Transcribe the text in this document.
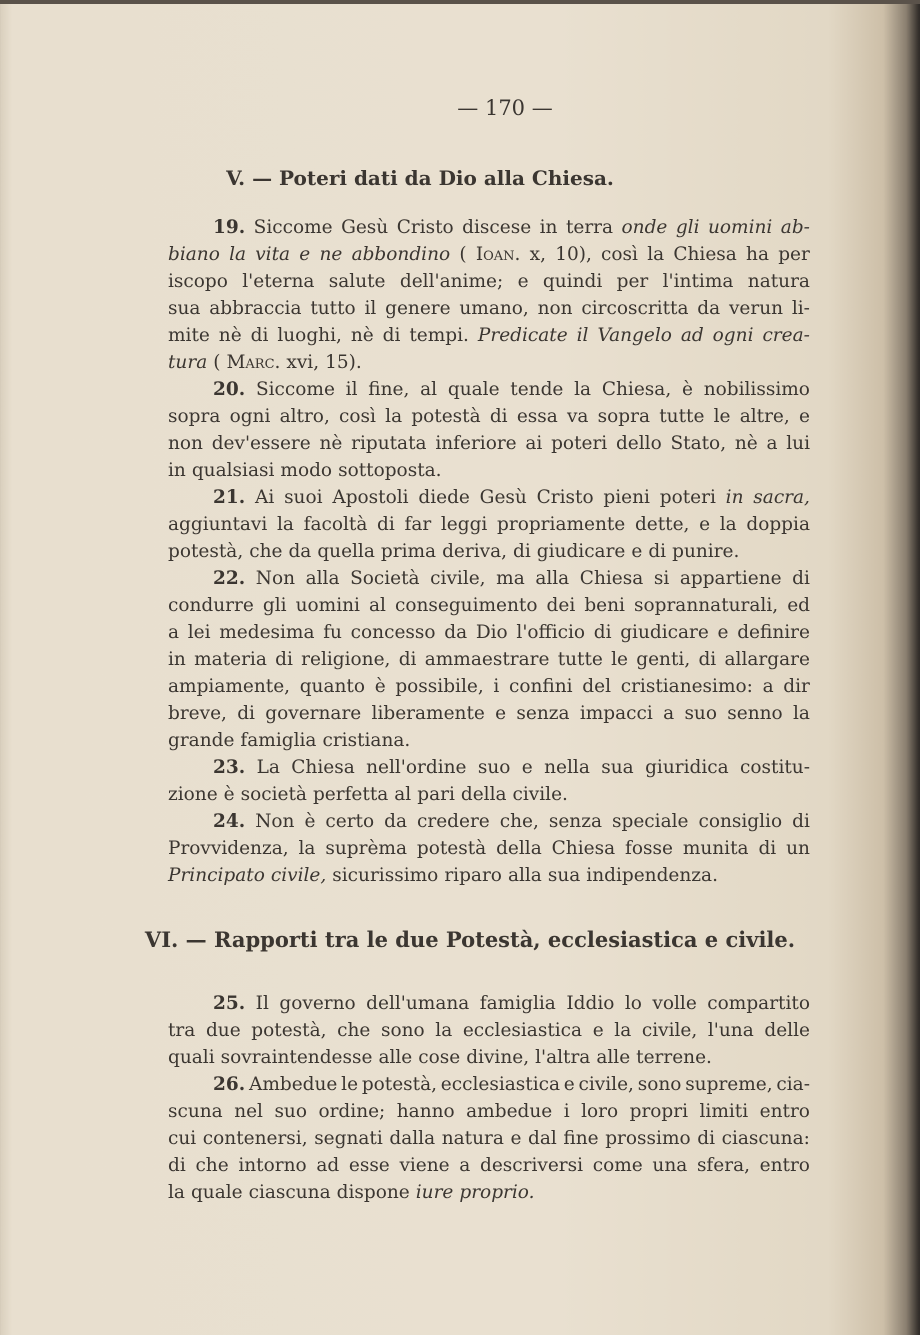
— 170 —
V. — Poteri dati da Dio alla Chiesa.
19. Siccome Gesù Cristo discese in terra onde gli uomini ab-
biano la vita e ne abbondino ( Ioan. x, 10), così la Chiesa ha per
iscopo l'eterna salute dell'anime; e quindi per l'intima natura
sua abbraccia tutto il genere umano, non circoscritta da verun li-
mite nè di luoghi, nè di tempi. Predicate il Vangelo ad ogni crea-
tura ( Marc. xvi, 15).
20. Siccome il fine, al quale tende la Chiesa, è nobilissimo
sopra ogni altro, così la potestà di essa va sopra tutte le altre, e
non dev'essere nè riputata inferiore ai poteri dello Stato, nè a lui
in qualsiasi modo sottoposta.
21. Ai suoi Apostoli diede Gesù Cristo pieni poteri in sacra,
aggiuntavi la facoltà di far leggi propriamente dette, e la doppia
potestà, che da quella prima deriva, di giudicare e di punire.
22. Non alla Società civile, ma alla Chiesa si appartiene di
condurre gli uomini al conseguimento dei beni soprannaturali, ed
a lei medesima fu concesso da Dio l'officio di giudicare e definire
in materia di religione, di ammaestrare tutte le genti, di allargare
ampiamente, quanto è possibile, i confini del cristianesimo: a dir
breve, di governare liberamente e senza impacci a suo senno la
grande famiglia cristiana.
23. La Chiesa nell'ordine suo e nella sua giuridica costitu-
zione è società perfetta al pari della civile.
24. Non è certo da credere che, senza speciale consiglio di
Provvidenza, la suprèma potestà della Chiesa fosse munita di un
Principato civile, sicurissimo riparo alla sua indipendenza.
VI. — Rapporti tra le due Potestà, ecclesiastica e civile.
25. Il governo dell'umana famiglia Iddio lo volle compartito
tra due potestà, che sono la ecclesiastica e la civile, l'una delle
quali sovraintendesse alle cose divine, l'altra alle terrene.
26. Ambedue le potestà, ecclesiastica e civile, sono supreme, cia-
scuna nel suo ordine; hanno ambedue i loro propri limiti entro
cui contenersi, segnati dalla natura e dal fine prossimo di ciascuna:
di che intorno ad esse viene a descriversi come una sfera, entro
la quale ciascuna dispone iure proprio.
